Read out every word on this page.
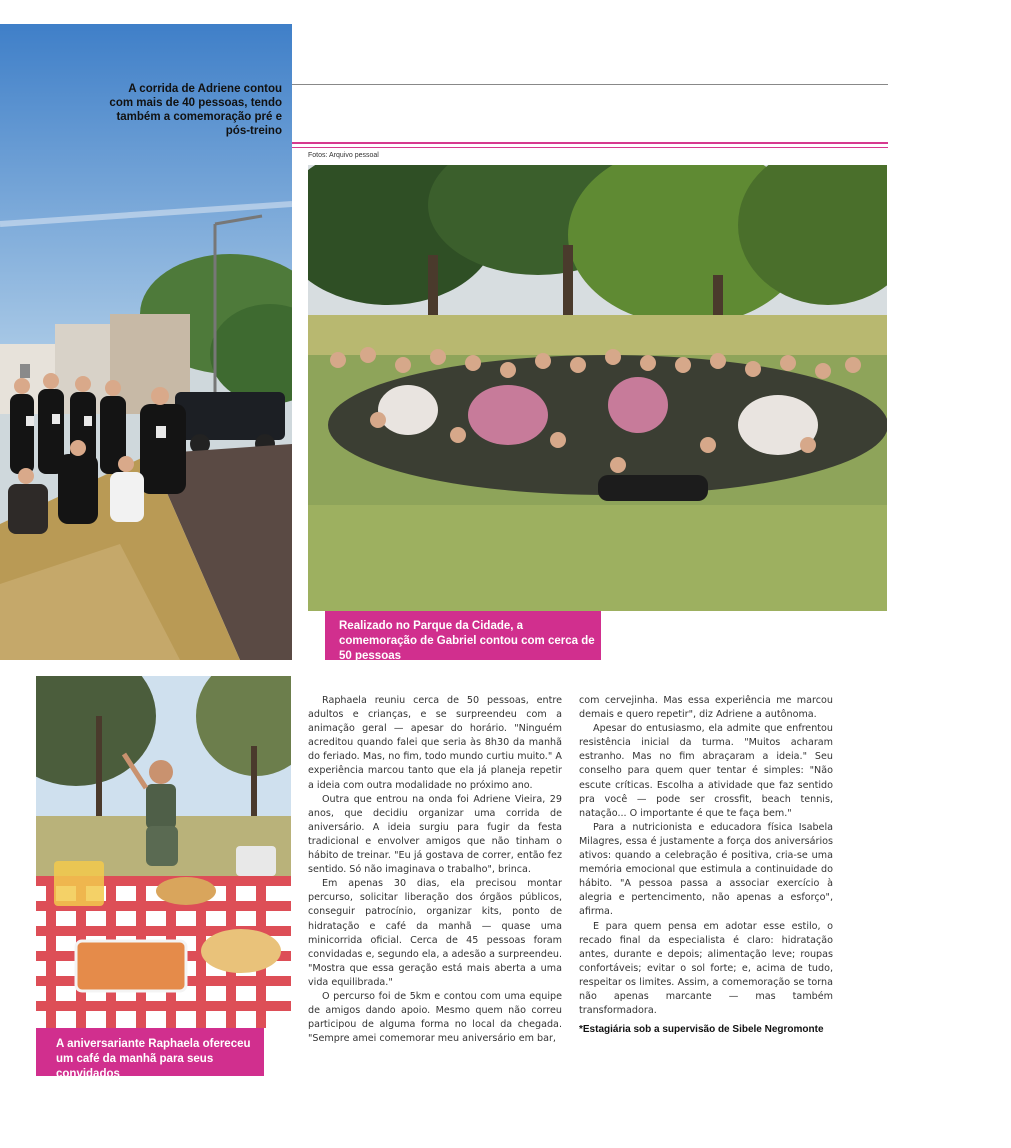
A corrida de Adriene contou com mais de 40 pessoas, tendo também a comemoração pré e pós-treino
Fotos: Arquivo pessoal
Realizado no Parque da Cidade, a comemoração de Gabriel contou com cerca de 50 pessoas
A aniversariante Raphaela ofereceu um café da manhã para seus convidados

Raphaela reuniu cerca de 50 pessoas, entre adultos e crianças, e se surpreendeu com a animação geral — apesar do horário. "Ninguém acreditou quando falei que seria às 8h30 da manhã do feriado. Mas, no fim, todo mundo curtiu muito." A experiência marcou tanto que ela já planeja repetir a ideia com outra modalidade no próximo ano.

Outra que entrou na onda foi Adriene Vieira, 29 anos, que decidiu organizar uma corrida de aniversário. A ideia surgiu para fugir da festa tradicional e envolver amigos que não tinham o hábito de treinar. "Eu já gostava de correr, então fez sentido. Só não imaginava o trabalho", brinca.

Em apenas 30 dias, ela precisou montar percurso, solicitar liberação dos órgãos públicos, conseguir patrocínio, organizar kits, ponto de hidratação e café da manhã — quase uma minicorrida oficial. Cerca de 45 pessoas foram convidadas e, segundo ela, a adesão a surpreendeu. "Mostra que essa geração está mais aberta a uma vida equilibrada."

O percurso foi de 5km e contou com uma equipe de amigos dando apoio. Mesmo quem não correu participou de alguma forma no local da chegada. "Sempre amei comemorar meu aniversário em bar,

com cervejinha. Mas essa experiência me marcou demais e quero repetir", diz Adriene a autônoma.

Apesar do entusiasmo, ela admite que enfrentou resistência inicial da turma. "Muitos acharam estranho. Mas no fim abraçaram a ideia." Seu conselho para quem quer tentar é simples: "Não escute críticas. Escolha a atividade que faz sentido pra você — pode ser crossfit, beach tennis, natação... O importante é que te faça bem."

Para a nutricionista e educadora física Isabela Milagres, essa é justamente a força dos aniversários ativos: quando a celebração é positiva, cria-se uma memória emocional que estimula a continuidade do hábito. "A pessoa passa a associar exercício à alegria e pertencimento, não apenas a esforço", afirma.

E para quem pensa em adotar esse estilo, o recado final da especialista é claro: hidratação antes, durante e depois; alimentação leve; roupas confortáveis; evitar o sol forte; e, acima de tudo, respeitar os limites. Assim, a comemoração se torna não apenas marcante — mas também transformadora.

*Estagiária sob a supervisão de Sibele Negromonte
